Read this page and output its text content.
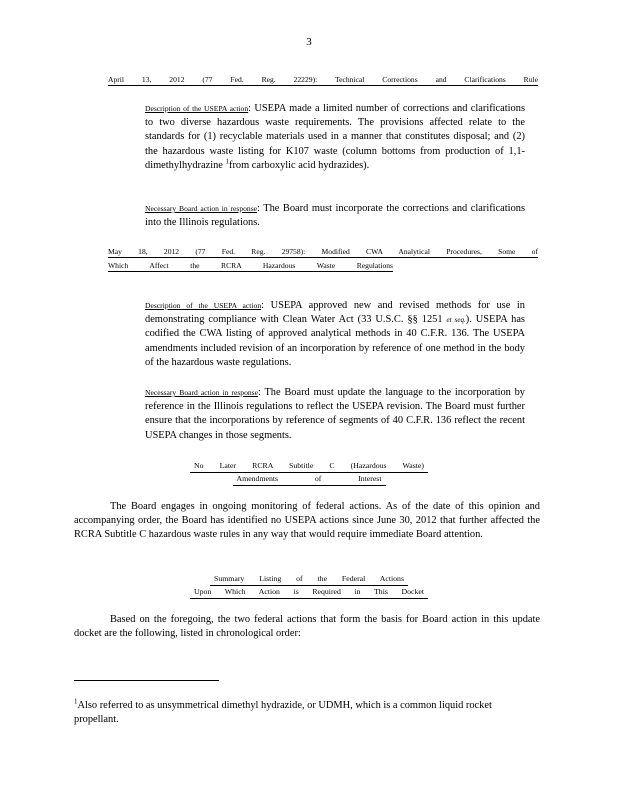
3
April 13, 2012 (77 Fed. Reg. 22229): Technical Corrections and Clarifications Rule
Description of the USEPA action: USEPA made a limited number of corrections and clarifications to two diverse hazardous waste requirements. The provisions affected relate to the standards for (1) recyclable materials used in a manner that constitutes disposal; and (2) the hazardous waste listing for K107 waste (column bottoms from production of 1,1-dimethylhydrazine $^1$from carboxylic acid hydrazides).
Necessary Board action in response: The Board must incorporate the corrections and clarifications into the Illinois regulations.
May 18, 2012 (77 Fed. Reg. 29758): Modified CWA Analytical Procedures, Some of
Which Affect the RCRA Hazardous Waste Regulations
Description of the USEPA action: USEPA approved new and revised methods for use in demonstrating compliance with Clean Water Act (33 U.S.C. §§ 1251 et seq.). USEPA has codified the CWA listing of approved analytical methods in 40 C.F.R. 136. The USEPA amendments included revision of an incorporation by reference of one method in the body of the hazardous waste regulations.
Necessary Board action in response: The Board must update the language to the incorporation by reference in the Illinois regulations to reflect the USEPA revision. The Board must further ensure that the incorporations by reference of segments of 40 C.F.R. 136 reflect the recent USEPA changes in those segments.
No Later RCRA Subtitle C (Hazardous Waste)
Amendments of Interest
The Board engages in ongoing monitoring of federal actions. As of the date of this opinion and accompanying order, the Board has identified no USEPA actions since June 30, 2012 that further affected the RCRA Subtitle C hazardous waste rules in any way that would require immediate Board attention.
Summary Listing of the Federal Actions
Upon Which Action is Required in This Docket
Based on the foregoing, the two federal actions that form the basis for Board action in this update docket are the following, listed in chronological order:
$^1$Also referred to as unsymmetrical dimethyl hydrazide, or UDMH, which is a common liquid rocket propellant.
